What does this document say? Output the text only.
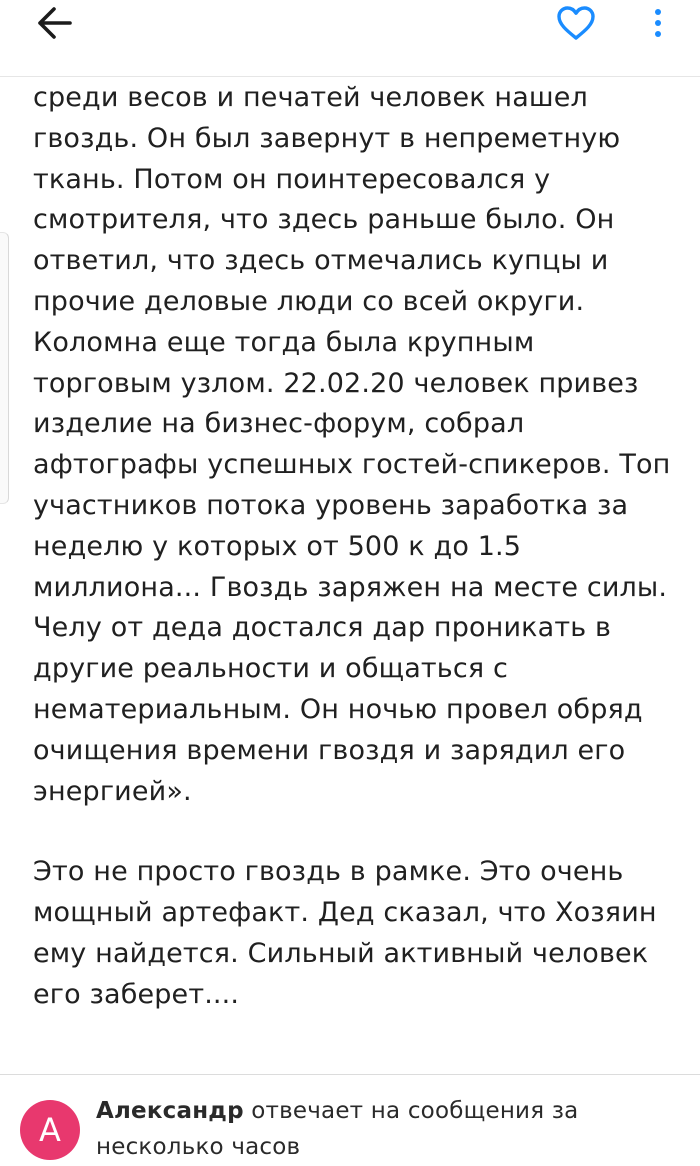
среди весов и печатей человек нашел гвоздь. Он был завернут в непреметную ткань. Потом он поинтересовался у смотрителя, что здесь раньше было. Он ответил, что здесь отмечались купцы и прочие деловые люди со всей округи. Коломна еще тогда была крупным торговым узлом. 22.02.20 человек привез изделие на бизнес-форум, собрал афтографы успешных гостей-спикеров. Топ участников потока уровень заработка за неделю у которых от 500 к до 1.5 миллиона... Гвоздь заряжен на месте силы. Челу от деда достался дар проникать в другие реальности и общаться с нематериальным. Он ночью провел обряд очищения времени гвоздя и зарядил его энергией».

Это не просто гвоздь в рамке. Это очень мощный артефакт. Дед сказал, что Хозяин ему найдется. Сильный активный человек его заберет....

А	Александр отвечает на сообщения за несколько часов
